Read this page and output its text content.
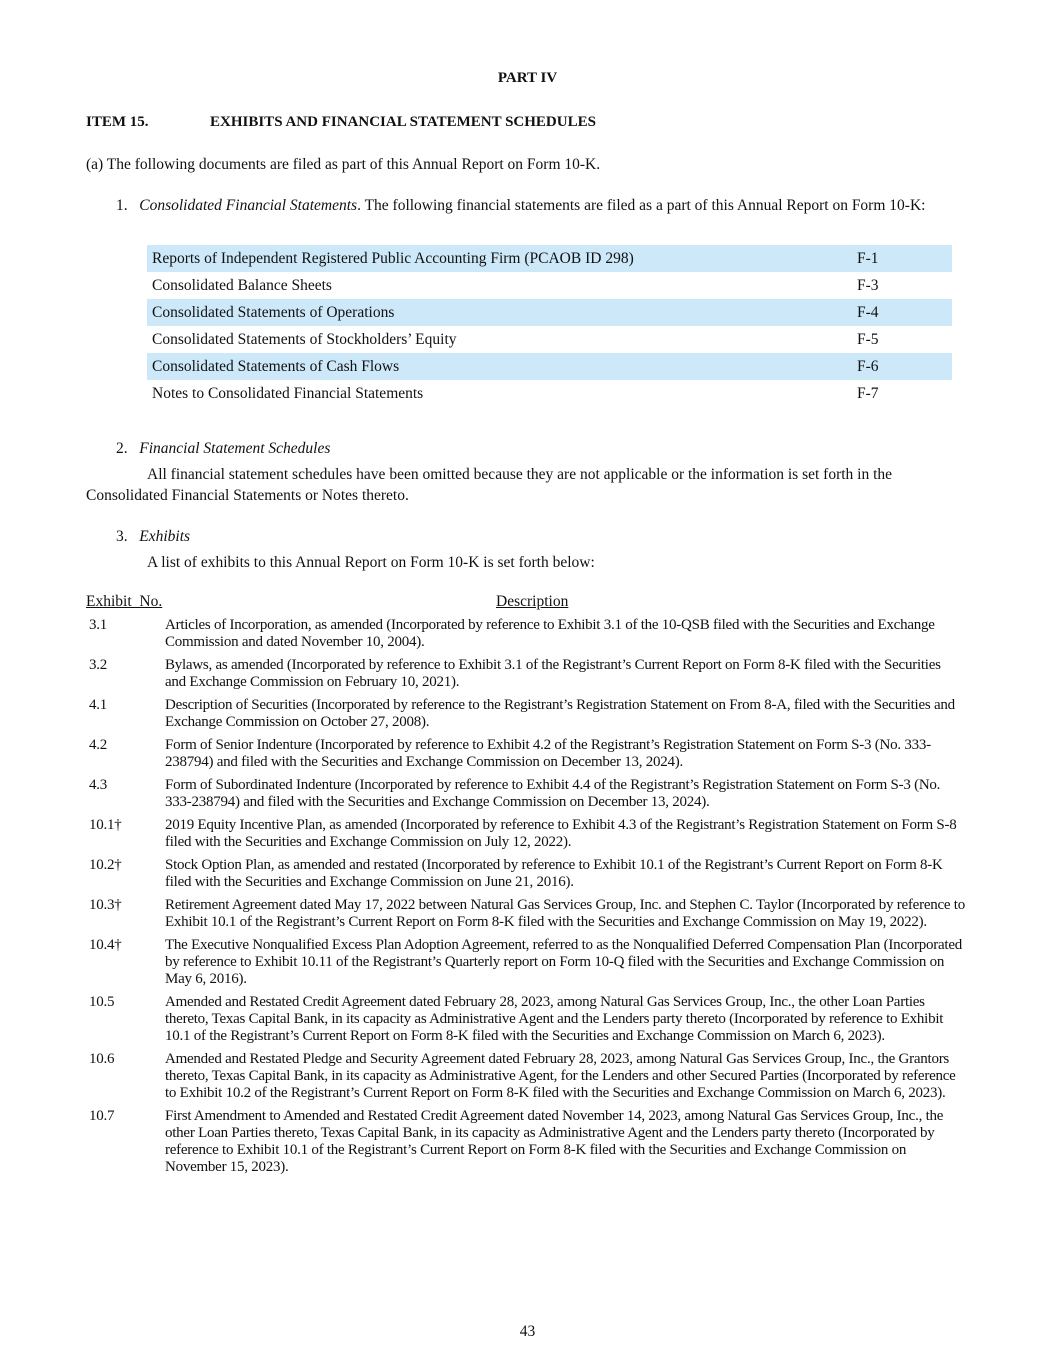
PART IV
ITEM 15.	EXHIBITS AND FINANCIAL STATEMENT SCHEDULES
(a) The following documents are filed as part of this Annual Report on Form 10-K.
1. Consolidated Financial Statements. The following financial statements are filed as a part of this Annual Report on Form 10-K:
Reports of Independent Registered Public Accounting Firm (PCAOB ID 298)	F-1
Consolidated Balance Sheets	F-3
Consolidated Statements of Operations	F-4
Consolidated Statements of Stockholders’ Equity	F-5
Consolidated Statements of Cash Flows	F-6
Notes to Consolidated Financial Statements	F-7
2. Financial Statement Schedules
All financial statement schedules have been omitted because they are not applicable or the information is set forth in the Consolidated Financial Statements or Notes thereto.
3. Exhibits
A list of exhibits to this Annual Report on Form 10-K is set forth below:
Exhibit  No.	Description
3.1	Articles of Incorporation, as amended (Incorporated by reference to Exhibit 3.1 of the 10-QSB filed with the Securities and Exchange Commission and dated November 10, 2004).
3.2	Bylaws, as amended (Incorporated by reference to Exhibit 3.1 of the Registrant’s Current Report on Form 8-K filed with the Securities and Exchange Commission on February 10, 2021).
4.1	Description of Securities (Incorporated by reference to the Registrant’s Registration Statement on From 8-A, filed with the Securities and Exchange Commission on October 27, 2008).
4.2	Form of Senior Indenture (Incorporated by reference to Exhibit 4.2 of the Registrant’s Registration Statement on Form S-3 (No. 333-238794) and filed with the Securities and Exchange Commission on December 13, 2024).
4.3	Form of Subordinated Indenture (Incorporated by reference to Exhibit 4.4 of the Registrant’s Registration Statement on Form S-3 (No. 333-238794) and filed with the Securities and Exchange Commission on December 13, 2024).
10.1†	2019 Equity Incentive Plan, as amended (Incorporated by reference to Exhibit 4.3 of the Registrant’s Registration Statement on Form S-8 filed with the Securities and Exchange Commission on July 12, 2022).
10.2†	Stock Option Plan, as amended and restated (Incorporated by reference to Exhibit 10.1 of the Registrant’s Current Report on Form 8-K filed with the Securities and Exchange Commission on June 21, 2016).
10.3†	Retirement Agreement dated May 17, 2022 between Natural Gas Services Group, Inc. and Stephen C. Taylor (Incorporated by reference to Exhibit 10.1 of the Registrant’s Current Report on Form 8-K filed with the Securities and Exchange Commission on May 19, 2022).
10.4†	The Executive Nonqualified Excess Plan Adoption Agreement, referred to as the Nonqualified Deferred Compensation Plan (Incorporated by reference to Exhibit 10.11 of the Registrant’s Quarterly report on Form 10-Q filed with the Securities and Exchange Commission on May 6, 2016).
10.5	Amended and Restated Credit Agreement dated February 28, 2023, among Natural Gas Services Group, Inc., the other Loan Parties thereto, Texas Capital Bank, in its capacity as Administrative Agent and the Lenders party thereto (Incorporated by reference to Exhibit 10.1 of the Registrant’s Current Report on Form 8-K filed with the Securities and Exchange Commission on March 6, 2023).
10.6	Amended and Restated Pledge and Security Agreement dated February 28, 2023, among Natural Gas Services Group, Inc., the Grantors thereto, Texas Capital Bank, in its capacity as Administrative Agent, for the Lenders and other Secured Parties (Incorporated by reference to Exhibit 10.2 of the Registrant’s Current Report on Form 8-K filed with the Securities and Exchange Commission on March 6, 2023).
10.7	First Amendment to Amended and Restated Credit Agreement dated November 14, 2023, among Natural Gas Services Group, Inc., the other Loan Parties thereto, Texas Capital Bank, in its capacity as Administrative Agent and the Lenders party thereto (Incorporated by reference to Exhibit 10.1 of the Registrant’s Current Report on Form 8-K filed with the Securities and Exchange Commission on November 15, 2023).
43
